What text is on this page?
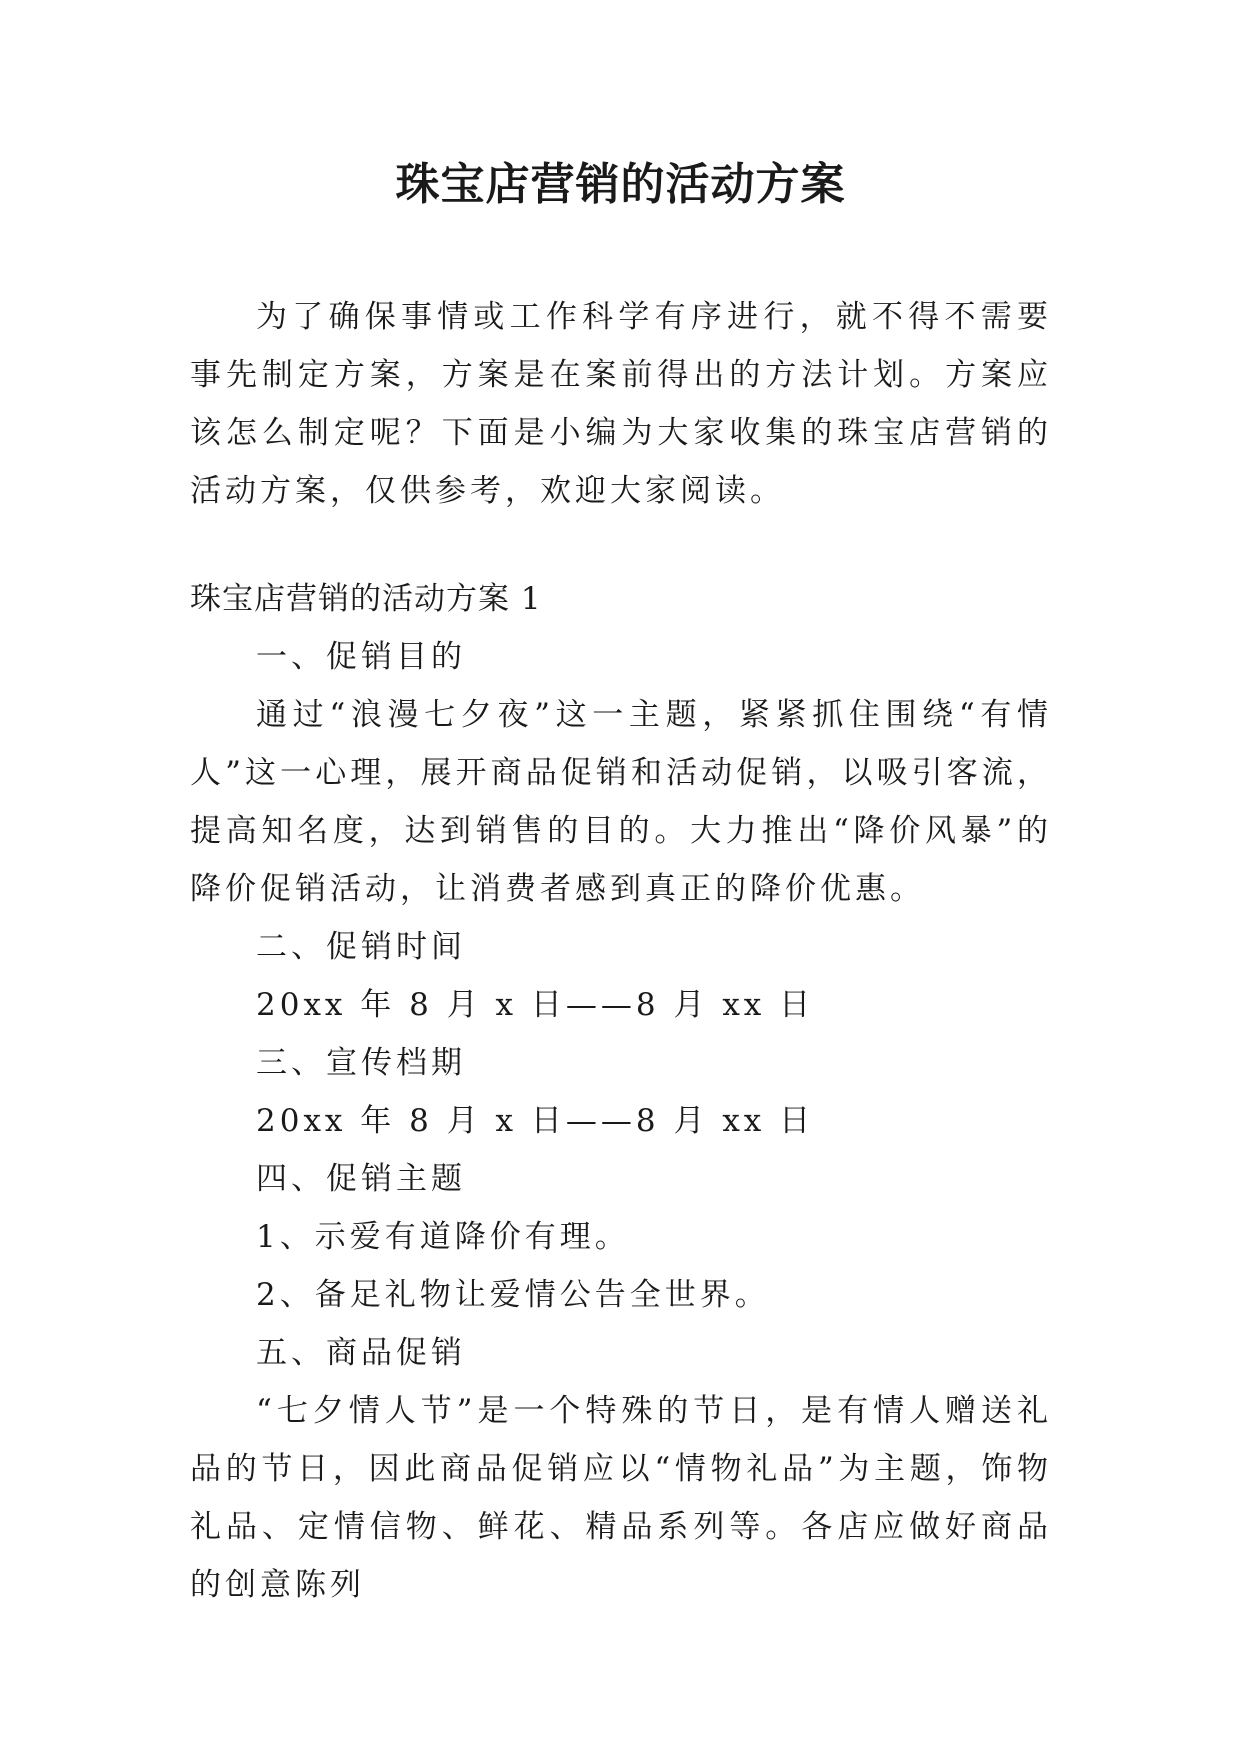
珠宝店营销的活动方案

为了确保事情或工作科学有序进行，就不得不需要事先制定方案，方案是在案前得出的方法计划。方案应该怎么制定呢？下面是小编为大家收集的珠宝店营销的活动方案，仅供参考，欢迎大家阅读。

珠宝店营销的活动方案 1

一、促销目的

通过“浪漫七夕夜”这一主题，紧紧抓住围绕“有情人”这一心理，展开商品促销和活动促销，以吸引客流，提高知名度，达到销售的目的。大力推出“降价风暴”的降价促销活动，让消费者感到真正的降价优惠。

二、促销时间

20xx 年 8 月 x 日——8 月 xx 日

三、宣传档期

20xx 年 8 月 x 日——8 月 xx 日

四、促销主题

1、示爱有道降价有理。

2、备足礼物让爱情公告全世界。

五、商品促销

“七夕情人节”是一个特殊的节日，是有情人赠送礼品的节日，因此商品促销应以“情物礼品”为主题，饰物礼品、定情信物、鲜花、精品系列等。各店应做好商品的创意陈列
